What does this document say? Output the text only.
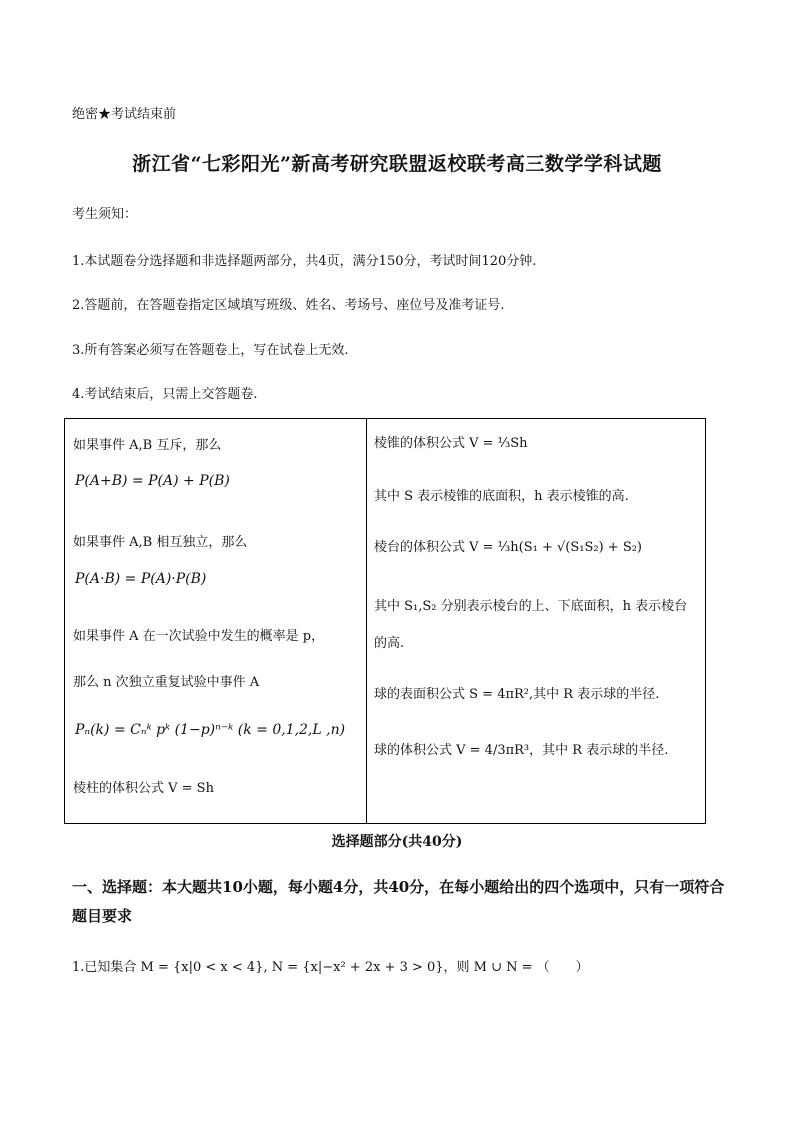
绝密★考试结束前
浙江省“七彩阳光”新高考研究联盟返校联考高三数学学科试题
考生须知：
1.本试题卷分选择题和非选择题两部分，共4页，满分150分，考试时间120分钟.
2.答题前，在答题卷指定区域填写班级、姓名、考场号、座位号及准考证号.
3.所有答案必须写在答题卷上，写在试卷上无效.
4.考试结束后，只需上交答题卷.
如果事件 A,B 互斥，那么
P(A+B) = P(A) + P(B)
如果事件 A,B 相互独立，那么
P(A·B) = P(A)·P(B)
如果事件 A 在一次试验中发生的概率是 p，
那么 n 次独立重复试验中事件 A
Pₙ(k) = Cₙᵏ pᵏ (1−p)ⁿ⁻ᵏ (k = 0,1,2,L ,n)
棱柱的体积公式 V = Sh
棱锥的体积公式 V = ⅓Sh
其中 S 表示棱锥的底面积，h 表示棱锥的高.
棱台的体积公式 V = ⅓h(S₁ + √(S₁S₂) + S₂)
其中 S₁,S₂ 分别表示棱台的上、下底面积，h 表示棱台
的高.
球的表面积公式 S = 4πR²,其中 R 表示球的半径.
球的体积公式 V = 4/3πR³，其中 R 表示球的半径.
选择题部分(共40分)
一、选择题：本大题共10小题，每小题4分，共40分，在每小题给出的四个选项中，只有一项符合题目要求
1.已知集合 M = {x|0 < x < 4}, N = {x|−x² + 2x + 3 > 0}，则 M ∪ N = （　　）
